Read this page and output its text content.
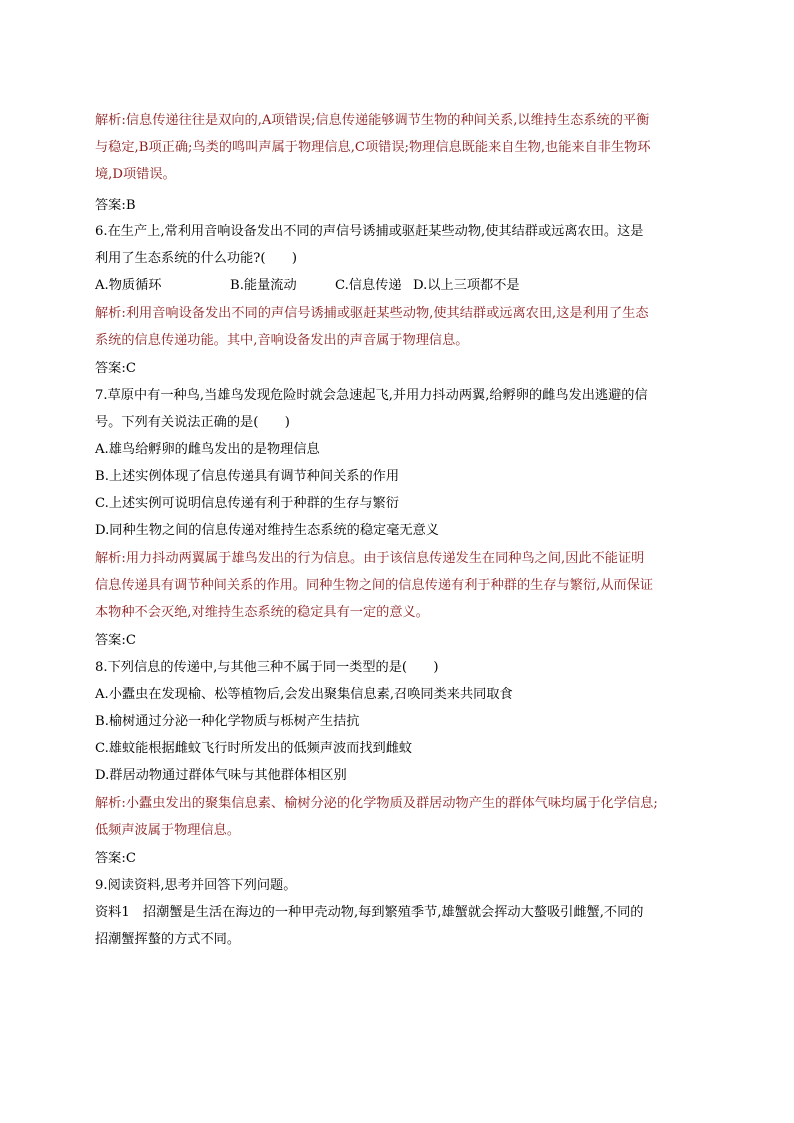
解析:信息传递往往是双向的,A项错误;信息传递能够调节生物的种间关系,以维持生态系统的平衡
与稳定,B项正确;鸟类的鸣叫声属于物理信息,C项错误;物理信息既能来自生物,也能来自非生物环
境,D项错误。
答案:B
6.在生产上,常利用音响设备发出不同的声信号诱捕或驱赶某些动物,使其结群或远离农田。这是
利用了生态系统的什么功能?(　　)
A.物质循环	B.能量流动	C.信息传递 D.以上三项都不是
解析:利用音响设备发出不同的声信号诱捕或驱赶某些动物,使其结群或远离农田,这是利用了生态
系统的信息传递功能。其中,音响设备发出的声音属于物理信息。
答案:C
7.草原中有一种鸟,当雄鸟发现危险时就会急速起飞,并用力抖动两翼,给孵卵的雌鸟发出逃避的信
号。下列有关说法正确的是(　　)
A.雄鸟给孵卵的雌鸟发出的是物理信息
B.上述实例体现了信息传递具有调节种间关系的作用
C.上述实例可说明信息传递有利于种群的生存与繁衍
D.同种生物之间的信息传递对维持生态系统的稳定毫无意义
解析:用力抖动两翼属于雄鸟发出的行为信息。由于该信息传递发生在同种鸟之间,因此不能证明
信息传递具有调节种间关系的作用。同种生物之间的信息传递有利于种群的生存与繁衍,从而保证
本物种不会灭绝,对维持生态系统的稳定具有一定的意义。
答案:C
8.下列信息的传递中,与其他三种不属于同一类型的是(　　)
A.小蠹虫在发现榆、松等植物后,会发出聚集信息素,召唤同类来共同取食
B.榆树通过分泌一种化学物质与栎树产生拮抗
C.雄蚊能根据雌蚊飞行时所发出的低频声波而找到雌蚊
D.群居动物通过群体气味与其他群体相区别
解析:小蠹虫发出的聚集信息素、榆树分泌的化学物质及群居动物产生的群体气味均属于化学信息;
低频声波属于物理信息。
答案:C
9.阅读资料,思考并回答下列问题。
资料1　招潮蟹是生活在海边的一种甲壳动物,每到繁殖季节,雄蟹就会挥动大螯吸引雌蟹,不同的
招潮蟹挥螯的方式不同。
